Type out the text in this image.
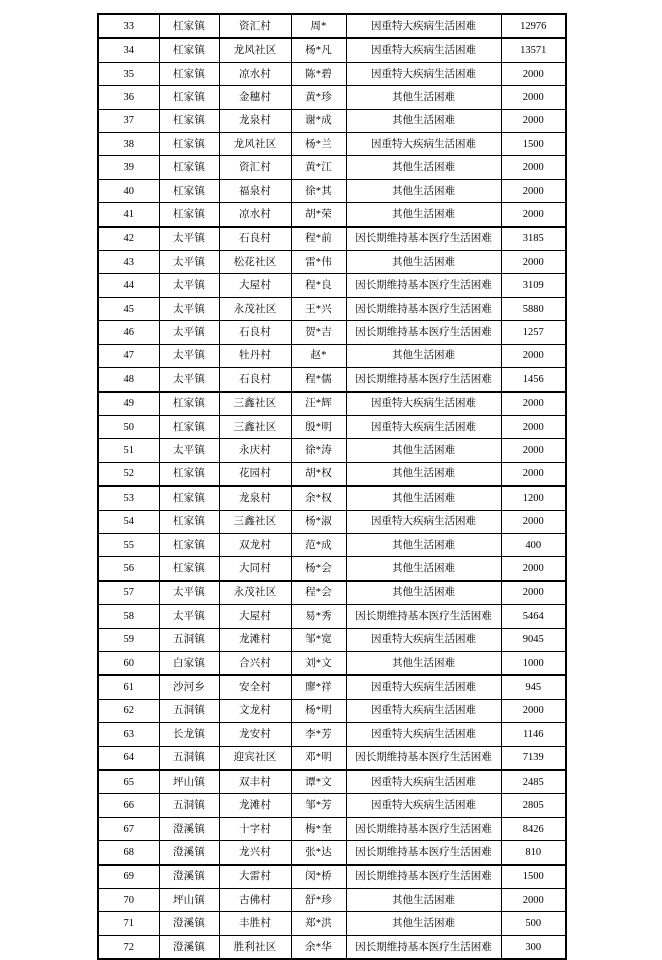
33	杠家镇	资汇村	周*	因重特大疾病生活困难	12976
34	杠家镇	龙风社区	杨*凡	因重特大疾病生活困难	13571
35	杠家镇	凉水村	陈*碧	因重特大疾病生活困难	2000
36	杠家镇	金穗村	黄*珍	其他生活困难	2000
37	杠家镇	龙泉村	谢*成	其他生活困难	2000
38	杠家镇	龙风社区	杨*兰	因重特大疾病生活困难	1500
39	杠家镇	资汇村	黄*江	其他生活困难	2000
40	杠家镇	福泉村	徐*其	其他生活困难	2000
41	杠家镇	凉水村	胡*荣	其他生活困难	2000
42	太平镇	石良村	程*前	因长期维持基本医疗生活困难	3185
43	太平镇	松花社区	雷*伟	其他生活困难	2000
44	太平镇	大屋村	程*良	因长期维持基本医疗生活困难	3109
45	太平镇	永茂社区	王*兴	因长期维持基本医疗生活困难	5880
46	太平镇	石良村	贺*吉	因长期维持基本医疗生活困难	1257
47	太平镇	牡丹村	赵*	其他生活困难	2000
48	太平镇	石良村	程*儒	因长期维持基本医疗生活困难	1456
49	杠家镇	三鑫社区	汪*辉	因重特大疾病生活困难	2000
50	杠家镇	三鑫社区	殷*明	因重特大疾病生活困难	2000
51	太平镇	永庆村	徐*涛	其他生活困难	2000
52	杠家镇	花园村	胡*权	其他生活困难	2000
53	杠家镇	龙泉村	余*权	其他生活困难	1200
54	杠家镇	三鑫社区	杨*淑	因重特大疾病生活困难	2000
55	杠家镇	双龙村	范*成	其他生活困难	400
56	杠家镇	大同村	杨*会	其他生活困难	2000
57	太平镇	永茂社区	程*会	其他生活困难	2000
58	太平镇	大屋村	易*秀	因长期维持基本医疗生活困难	5464
59	五洞镇	龙滩村	邹*宽	因重特大疾病生活困难	9045
60	白家镇	合兴村	刘*文	其他生活困难	1000
61	沙河乡	安全村	廖*祥	因重特大疾病生活困难	945
62	五洞镇	文龙村	杨*明	因重特大疾病生活困难	2000
63	长龙镇	龙安村	李*芳	因重特大疾病生活困难	1146
64	五洞镇	迎宾社区	邓*明	因长期维持基本医疗生活困难	7139
65	坪山镇	双丰村	谭*文	因重特大疾病生活困难	2485
66	五洞镇	龙滩村	邹*芳	因重特大疾病生活困难	2805
67	澄溪镇	十字村	梅*奎	因长期维持基本医疗生活困难	8426
68	澄溪镇	龙兴村	张*达	因长期维持基本医疗生活困难	810
69	澄溪镇	大雷村	闵*桥	因长期维持基本医疗生活困难	1500
70	坪山镇	古佛村	舒*珍	其他生活困难	2000
71	澄溪镇	丰胜村	郑*洪	其他生活困难	500
72	澄溪镇	胜利社区	余*华	因长期维持基本医疗生活困难	300
